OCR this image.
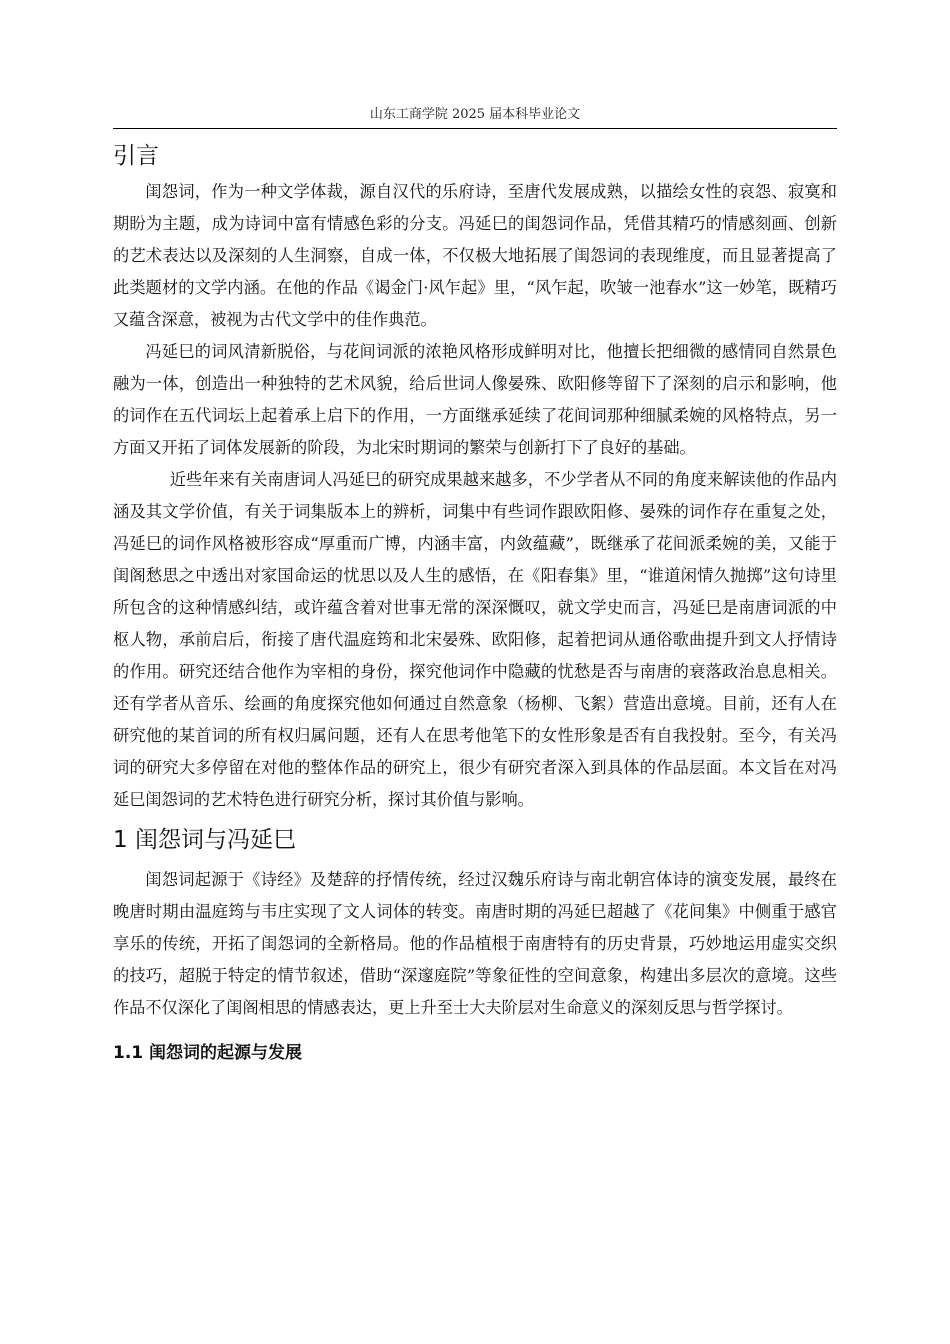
山东工商学院 2025 届本科毕业论文
引言

闺怨词，作为一种文学体裁，源自汉代的乐府诗，至唐代发展成熟，以描绘女性的哀怨、寂寞和期盼为主题，成为诗词中富有情感色彩的分支。冯延巳的闺怨词作品，凭借其精巧的情感刻画、创新的艺术表达以及深刻的人生洞察，自成一体，不仅极大地拓展了闺怨词的表现维度，而且显著提高了此类题材的文学内涵。在他的作品《谒金门·风乍起》里，“风乍起，吹皱一池春水”这一妙笔，既精巧又蕴含深意，被视为古代文学中的佳作典范。

冯延巳的词风清新脱俗，与花间词派的浓艳风格形成鲜明对比，他擅长把细微的感情同自然景色融为一体，创造出一种独特的艺术风貌，给后世词人像晏殊、欧阳修等留下了深刻的启示和影响，他的词作在五代词坛上起着承上启下的作用，一方面继承延续了花间词那种细腻柔婉的风格特点，另一方面又开拓了词体发展新的阶段，为北宋时期词的繁荣与创新打下了良好的基础。

近些年来有关南唐词人冯延巳的研究成果越来越多，不少学者从不同的角度来解读他的作品内涵及其文学价值，有关于词集版本上的辨析，词集中有些词作跟欧阳修、晏殊的词作存在重复之处，冯延巳的词作风格被形容成“厚重而广博，内涵丰富，内敛蕴藏”，既继承了花间派柔婉的美，又能于闺阁愁思之中透出对家国命运的忧思以及人生的感悟，在《阳春集》里，“谁道闲情久抛掷”这句诗里所包含的这种情感纠结，或许蕴含着对世事无常的深深慨叹，就文学史而言，冯延巳是南唐词派的中枢人物，承前启后，衔接了唐代温庭筠和北宋晏殊、欧阳修，起着把词从通俗歌曲提升到文人抒情诗的作用。研究还结合他作为宰相的身份，探究他词作中隐藏的忧愁是否与南唐的衰落政治息息相关。还有学者从音乐、绘画的角度探究他如何通过自然意象（杨柳、飞絮）营造出意境。目前，还有人在研究他的某首词的所有权归属问题，还有人在思考他笔下的女性形象是否有自我投射。至今，有关冯词的研究大多停留在对他的整体作品的研究上，很少有研究者深入到具体的作品层面。本文旨在对冯延巳闺怨词的艺术特色进行研究分析，探讨其价值与影响。

1 闺怨词与冯延巳

闺怨词起源于《诗经》及楚辞的抒情传统，经过汉魏乐府诗与南北朝宫体诗的演变发展，最终在晚唐时期由温庭筠与韦庄实现了文人词体的转变。南唐时期的冯延巳超越了《花间集》中侧重于感官享乐的传统，开拓了闺怨词的全新格局。他的作品植根于南唐特有的历史背景，巧妙地运用虚实交织的技巧，超脱于特定的情节叙述，借助“深邃庭院”等象征性的空间意象，构建出多层次的意境。这些作品不仅深化了闺阁相思的情感表达，更上升至士大夫阶层对生命意义的深刻反思与哲学探讨。

1.1 闺怨词的起源与发展
